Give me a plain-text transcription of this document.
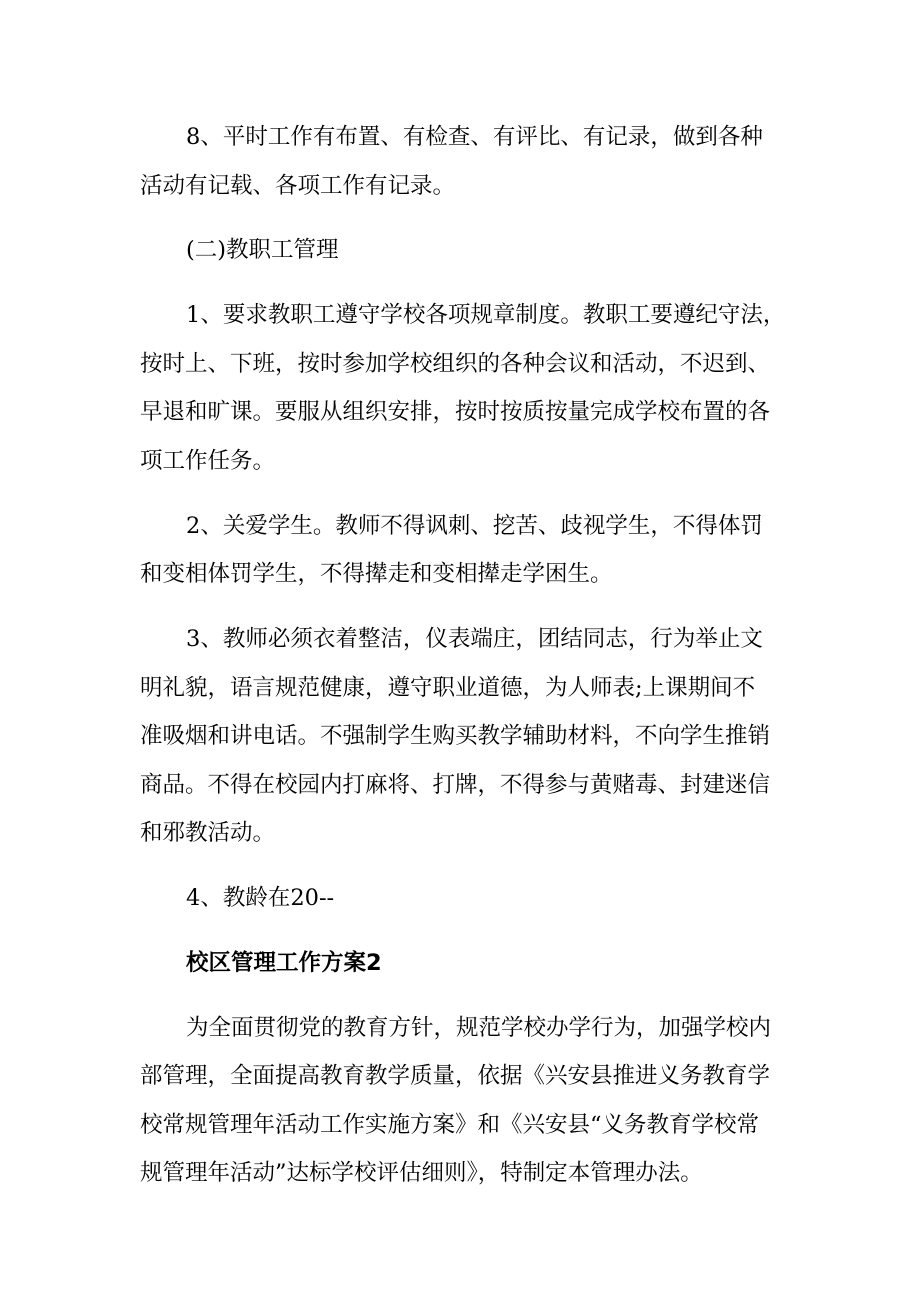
8、平时工作有布置、有检查、有评比、有记录，做到各种
活动有记载、各项工作有记录。
(二)教职工管理
1、要求教职工遵守学校各项规章制度。教职工要遵纪守法，
按时上、下班，按时参加学校组织的各种会议和活动，不迟到、
早退和旷课。要服从组织安排，按时按质按量完成学校布置的各
项工作任务。
2、关爱学生。教师不得讽刺、挖苦、歧视学生，不得体罚
和变相体罚学生，不得撵走和变相撵走学困生。
3、教师必须衣着整洁，仪表端庄，团结同志，行为举止文
明礼貌，语言规范健康，遵守职业道德，为人师表;上课期间不
准吸烟和讲电话。不强制学生购买教学辅助材料，不向学生推销
商品。不得在校园内打麻将、打牌，不得参与黄赌毒、封建迷信
和邪教活动。
4、教龄在20--
校区管理工作方案2
为全面贯彻党的教育方针，规范学校办学行为，加强学校内
部管理，全面提高教育教学质量，依据《兴安县推进义务教育学
校常规管理年活动工作实施方案》和《兴安县“义务教育学校常
规管理年活动”达标学校评估细则》，特制定本管理办法。
